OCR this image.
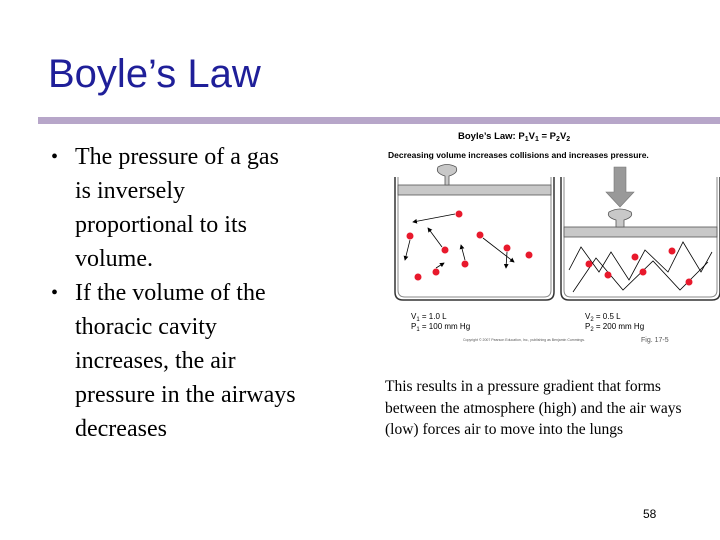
Boyle’s Law
• The pressure of a gas
is inversely
proportional to its
volume.
• If the volume of the
thoracic cavity
increases, the air
pressure in the airways
decreases
Boyle’s Law: $P_1V_1 = P_2V_2$
Decreasing volume increases collisions and increases pressure.
$V_1 = 1.0$ L
$P_1 = 100$ mm Hg
$V_2 = 0.5$ L
$P_2 = 200$ mm Hg
Copyright © 2007 Pearson Education, Inc., publishing as Benjamin Cummings.	Fig. 17-5
This results in a pressure gradient that forms between the atmosphere (high) and the air ways (low) forces air to move into the lungs
58
